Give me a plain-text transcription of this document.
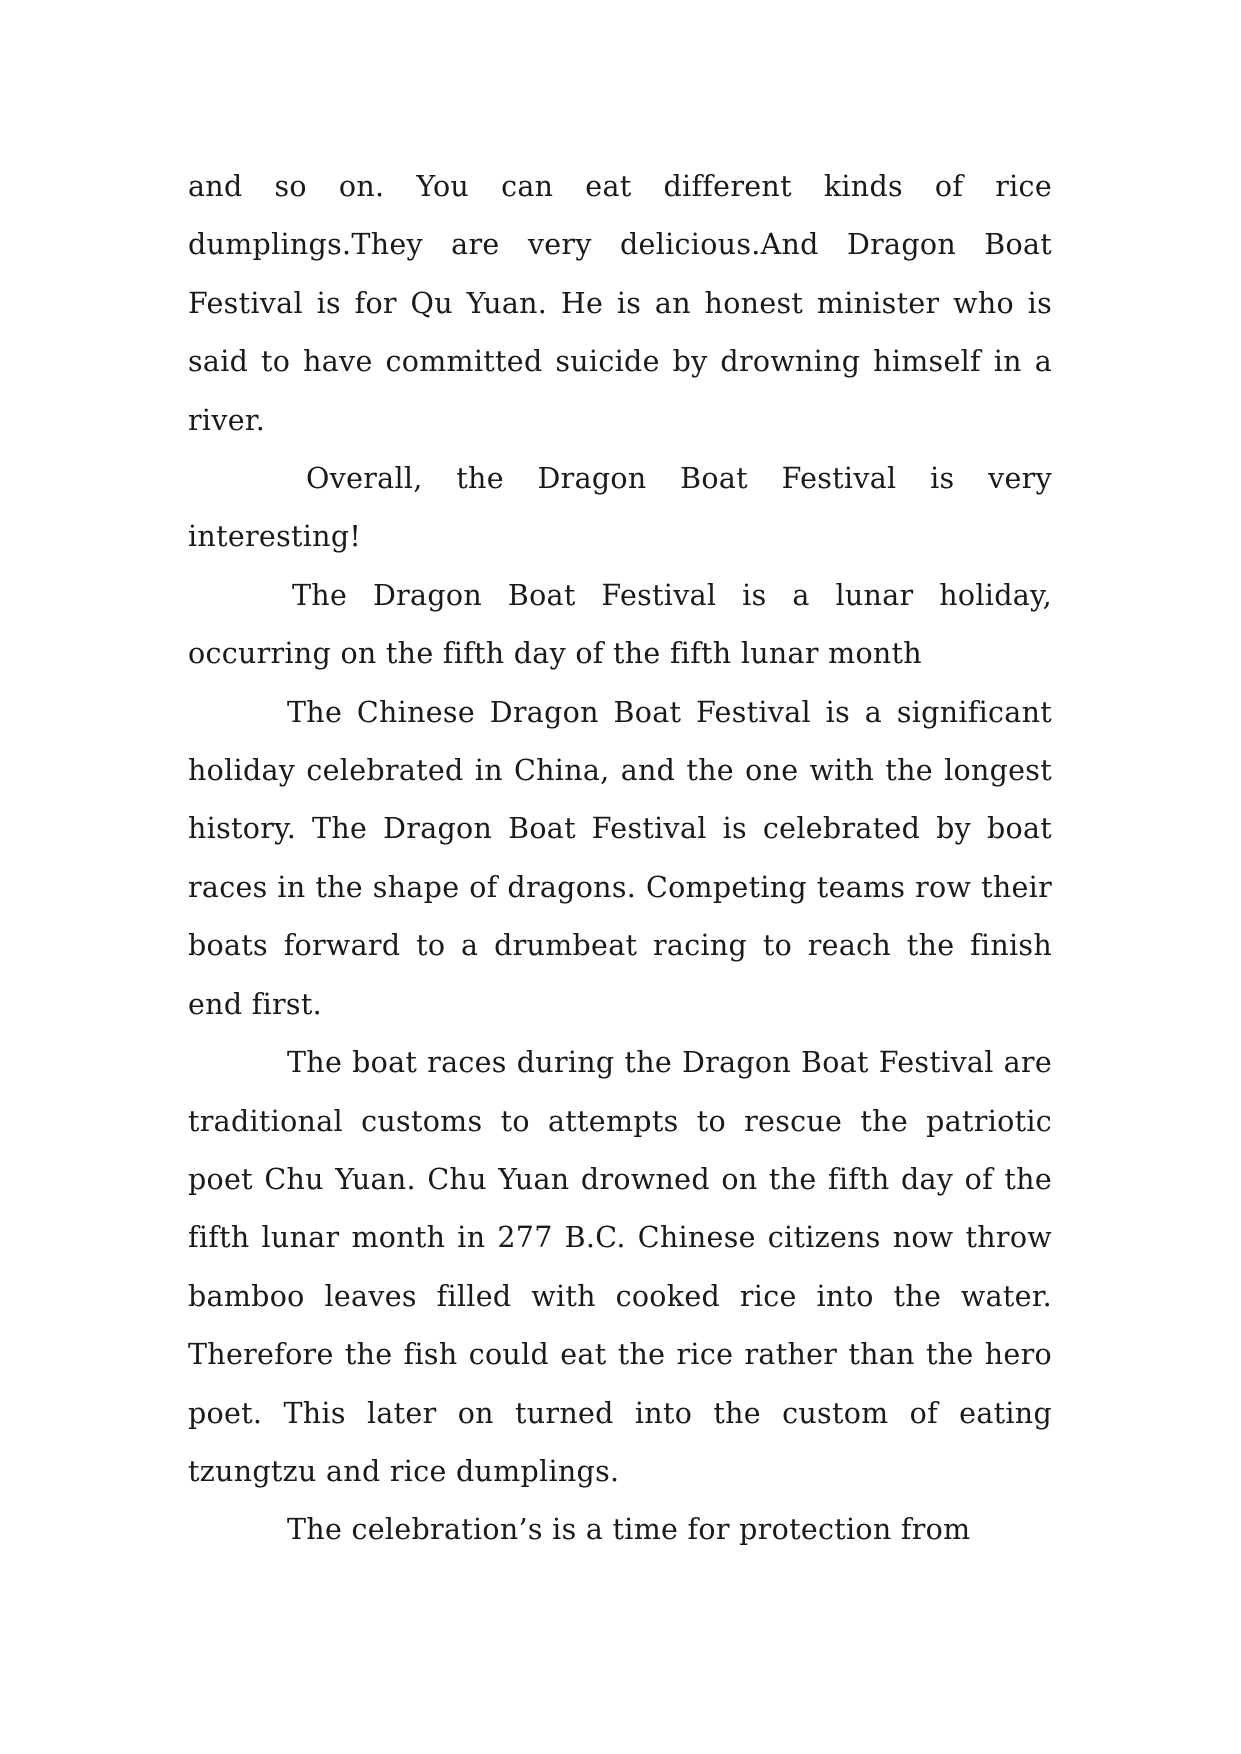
and so on. You can eat different kinds of rice dumplings.They are very delicious.And Dragon Boat Festival is for Qu Yuan. He is an honest minister who is said to have committed suicide by drowning himself in a river.

Overall, the Dragon Boat Festival is very interesting!

The Dragon Boat Festival is a lunar holiday, occurring on the fifth day of the fifth lunar month

The Chinese Dragon Boat Festival is a significant holiday celebrated in China, and the one with the longest history. The Dragon Boat Festival is celebrated by boat races in the shape of dragons. Competing teams row their boats forward to a drumbeat racing to reach the finish end first.

The boat races during the Dragon Boat Festival are traditional customs to attempts to rescue the patriotic poet Chu Yuan. Chu Yuan drowned on the fifth day of the fifth lunar month in 277 B.C. Chinese citizens now throw bamboo leaves filled with cooked rice into the water. Therefore the fish could eat the rice rather than the hero poet. This later on turned into the custom of eating tzungtzu and rice dumplings.

The celebration’s is a time for protection from
